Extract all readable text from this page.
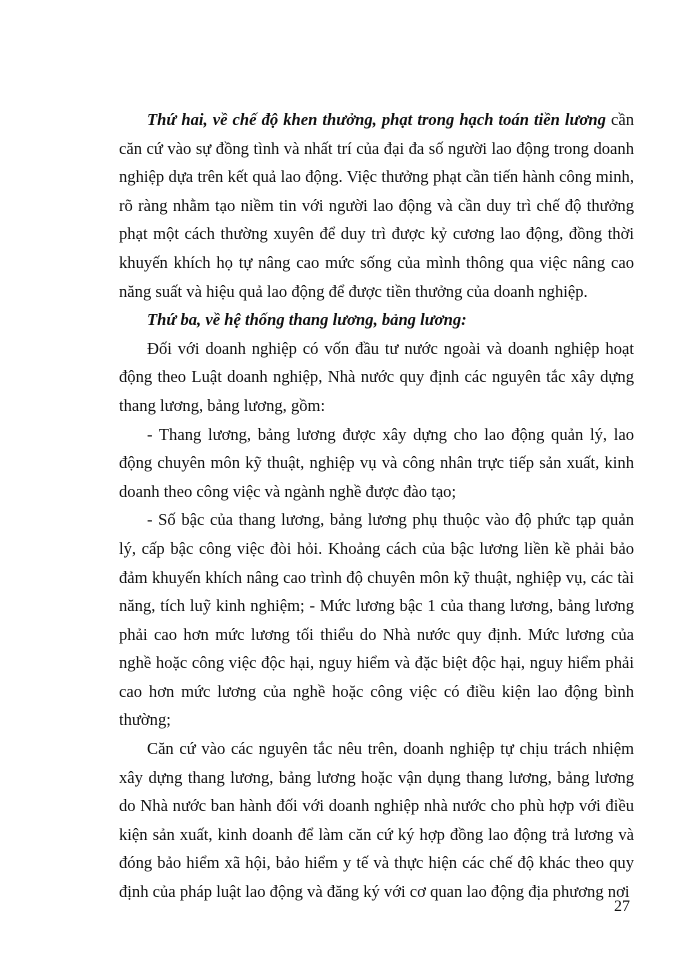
Thứ hai, về chế độ khen thưởng, phạt trong hạch toán tiền lương cần căn cứ vào sự đồng tình và nhất trí của đại đa số người lao động trong doanh nghiệp dựa trên kết quả lao động. Việc thưởng phạt cần tiến hành công minh, rõ ràng nhằm tạo niềm tin với người lao động và cần duy trì chế độ thưởng phạt một cách thường xuyên để duy trì được kỷ cương lao động, đồng thời khuyến khích họ tự nâng cao mức sống của mình thông qua việc nâng cao năng suất và hiệu quả lao động để được tiền thưởng của doanh nghiệp.

Thứ ba, về hệ thống thang lương, bảng lương:

Đối với doanh nghiệp có vốn đầu tư nước ngoài và doanh nghiệp hoạt động theo Luật doanh nghiệp, Nhà nước quy định các nguyên tắc xây dựng thang lương, bảng lương, gồm:

- Thang lương, bảng lương được xây dựng cho lao động quản lý, lao động chuyên môn kỹ thuật, nghiệp vụ và công nhân trực tiếp sản xuất, kinh doanh theo công việc và ngành nghề được đào tạo;

- Số bậc của thang lương, bảng lương phụ thuộc vào độ phức tạp quản lý, cấp bậc công việc đòi hỏi. Khoảng cách của bậc lương liền kề phải bảo đảm khuyến khích nâng cao trình độ chuyên môn kỹ thuật, nghiệp vụ, các tài năng, tích luỹ kinh nghiệm; - Mức lương bậc 1 của thang lương, bảng lương phải cao hơn mức lương tối thiểu do Nhà nước quy định. Mức lương của nghề hoặc công việc độc hại, nguy hiểm và đặc biệt độc hại, nguy hiểm phải cao hơn mức lương của nghề hoặc công việc có điều kiện lao động bình thường;

Căn cứ vào các nguyên tắc nêu trên, doanh nghiệp tự chịu trách nhiệm xây dựng thang lương, bảng lương hoặc vận dụng thang lương, bảng lương do Nhà nước ban hành đối với doanh nghiệp nhà nước cho phù hợp với điều kiện sản xuất, kinh doanh để làm căn cứ ký hợp đồng lao động trả lương và đóng bảo hiểm xã hội, bảo hiểm y tế và thực hiện các chế độ khác theo quy định của pháp luật lao động và đăng ký với cơ quan lao động địa phương nơi

27
